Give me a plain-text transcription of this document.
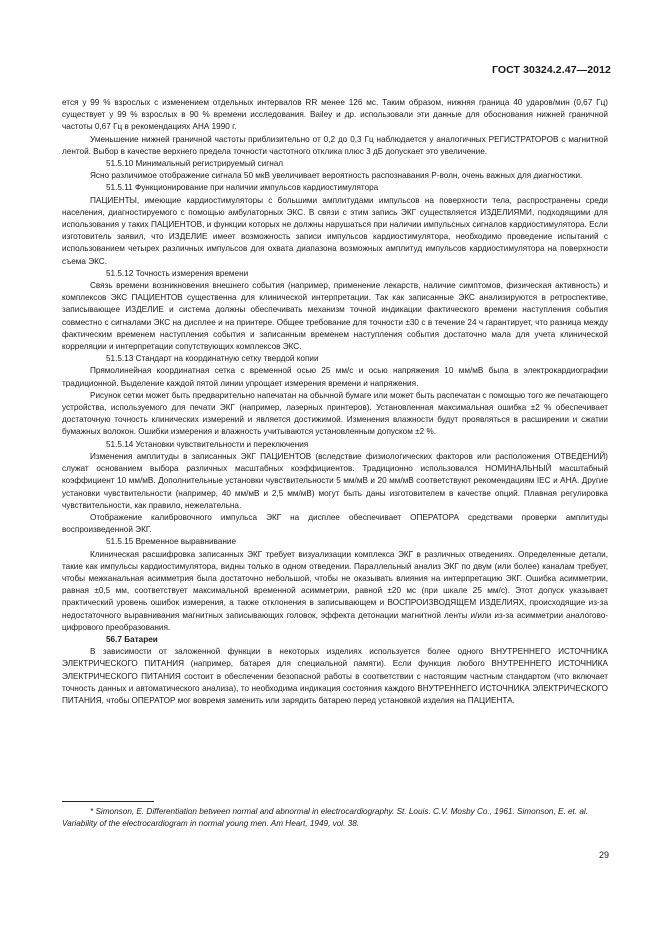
ГОСТ 30324.2.47—2012

ется у 99 % взрослых с изменением отдельных интервалов RR менее 126 мс. Таким образом, нижняя граница 40 ударов/мин (0,67 Гц) существует у 99 % взрослых в 90 % времени исследования. Bailey и др. использовали эти данные для обоснования нижней граничной частоты 0,67 Гц в рекомендациях АНА 1990 г.

Уменьшение нижней граничной частоты приблизительно от 0,2 до 0,3 Гц наблюдается у аналогичных РЕГИСТРАТОРОВ с магнитной лентой. Выбор в качестве верхнего предела точности частотного отклика плюс 3 дБ допускает это увеличение.

51.5.10 Минимальный регистрируемый сигнал

Ясно различимое отображение сигнала 50 мкВ увеличивает вероятность распознавания Р-волн, очень важных для диагностики.

51.5.11 Функционирование при наличии импульсов кардиостимулятора

ПАЦИЕНТЫ, имеющие кардиостимуляторы с большими амплитудами импульсов на поверхности тела, распространены среди населения, диагностируемого с помощью амбулаторных ЭКС. В связи с этим запись ЭКГ существляется ИЗДЕЛИЯМИ, подходящими для использования у таких ПАЦИЕНТОВ, и функции которых не должны нарушаться при наличии импульсных сигналов кардиостимулятора. Если изготовитель заявил, что ИЗДЕЛИЕ имеет возможность записи импульсов кардиостимулятора, необходимо проведение испытаний с использованием четырех различных импульсов для охвата диапазона возможных амплитуд импульсов кардиостимулятора на поверхности съема ЭКС.

51.5.12 Точность измерения времени

Связь времени возникновения внешнего события (например, применение лекарств, наличие симптомов, физическая активность) и комплексов ЭКС ПАЦИЕНТОВ существенна для клинической интерпретации. Так как записанные ЭКС анализируются в ретроспективе, записывающее ИЗДЕЛИЕ и система должны обеспечивать механизм точной индикации фактического времени наступления события совместно с сигналами ЭКС на дисплее и на принтере. Общее требование для точности ±30 с в течение 24 ч гарантирует, что разница между фактическим временем наступления события и записанным временем наступления события достаточно мала для учета клинической корреляции и интерпретации сопутствующих комплексов ЭКС.

51.5.13 Стандарт на координатную сетку твердой копии

Прямолинейная координатная сетка с временной осью 25 мм/с и осью напряжения 10 мм/мВ была в электрокардиографии традиционной. Выделение каждой пятой линии упрощает измерения времени и напряжения.

Рисунок сетки может быть предварительно напечатан на обычной бумаге или может быть распечатан с помощью того же печатающего устройства, используемого для печати ЭКГ (например, лазерных принтеров). Установленная максимальная ошибка ±2 % обеспечивает достаточную точность клинических измерений и является достижимой. Изменения влажности будут проявляться в расширении и сжатии бумажных волокон. Ошибки измерения и влажность учитываются установленным допуском ±2 %.

51.5.14 Установки чувствительности и переключения

Изменения амплитуды в записанных ЭКГ ПАЦИЕНТОВ (вследствие физиологических факторов или расположения ОТВЕДЕНИЙ) служат основанием выбора различных масштабных коэффициентов. Традиционно использовался НОМИНАЛЬНЫЙ масштабный коэффициент 10 мм/мВ. Дополнительные установки чувствительности 5 мм/мВ и 20 мм/мВ соответствуют рекомендациям IEC и АНА. Другие установки чувствительности (например, 40 мм/мВ и 2,5 мм/мВ) могут быть даны изготовителем в качестве опций. Плавная регулировка чувствительности, как правило, нежелательна.

Отображение калибровочного импульса ЭКГ на дисплее обеспечивает ОПЕРАТОРА средствами проверки амплитуды воспроизведенной ЭКГ.

51.5.15 Временное выравнивание

Клиническая расшифровка записанных ЭКГ требует визуализации комплекса ЭКГ в различных отведениях. Определенные детали, такие как импульсы кардиостимулятора, видны только в одном отведении. Параллельный анализ ЭКГ по двум (или более) каналам требует, чтобы межканальная асимметрия была достаточно небольшой, чтобы не оказывать влияния на интерпретацию ЭКГ. Ошибка асимметрии, равная ±0,5 мм, соответствует максимальной временной асимметрии, равной ±20 мс (при шкале 25 мм/с). Этот допуск указывает практический уровень ошибок измерения, а также отклонения в записывающем и ВОСПРОИЗВОДЯЩЕМ ИЗДЕЛИЯХ, происходящие из-за недостаточного выравнивания магнитных записывающих головок, эффекта детонации магнитной ленты и/или из-за асимметрии аналогово-цифрового преобразования.

56.7 Батареи

В зависимости от заложенной функции в некоторых изделиях используется более одного ВНУТРЕННЕГО ИСТОЧНИКА ЭЛЕКТРИЧЕСКОГО ПИТАНИЯ (например, батарея для специальной памяти). Если функция любого ВНУТРЕННЕГО ИСТОЧНИКА ЭЛЕКТРИЧЕСКОГО ПИТАНИЯ состоит в обеспечении безопасной работы в соответствии с настоящим частным стандартом (что включает точность данных и автоматического анализа), то необходима индикация состояния каждого ВНУТРЕННЕГО ИСТОЧНИКА ЭЛЕКТРИЧЕСКОГО ПИТАНИЯ, чтобы ОПЕРАТОР мог вовремя заменить или зарядить батарею перед установкой изделия на ПАЦИЕНТА.

* Simonson, E. Differentiation between normal and abnormal in electrocardiography. St. Louis. C.V. Mosby Co., 1961. Simonson, E. et. al. Variability of the electrocardiogram in normal young men. Am Heart, 1949, vol. 38.

29
